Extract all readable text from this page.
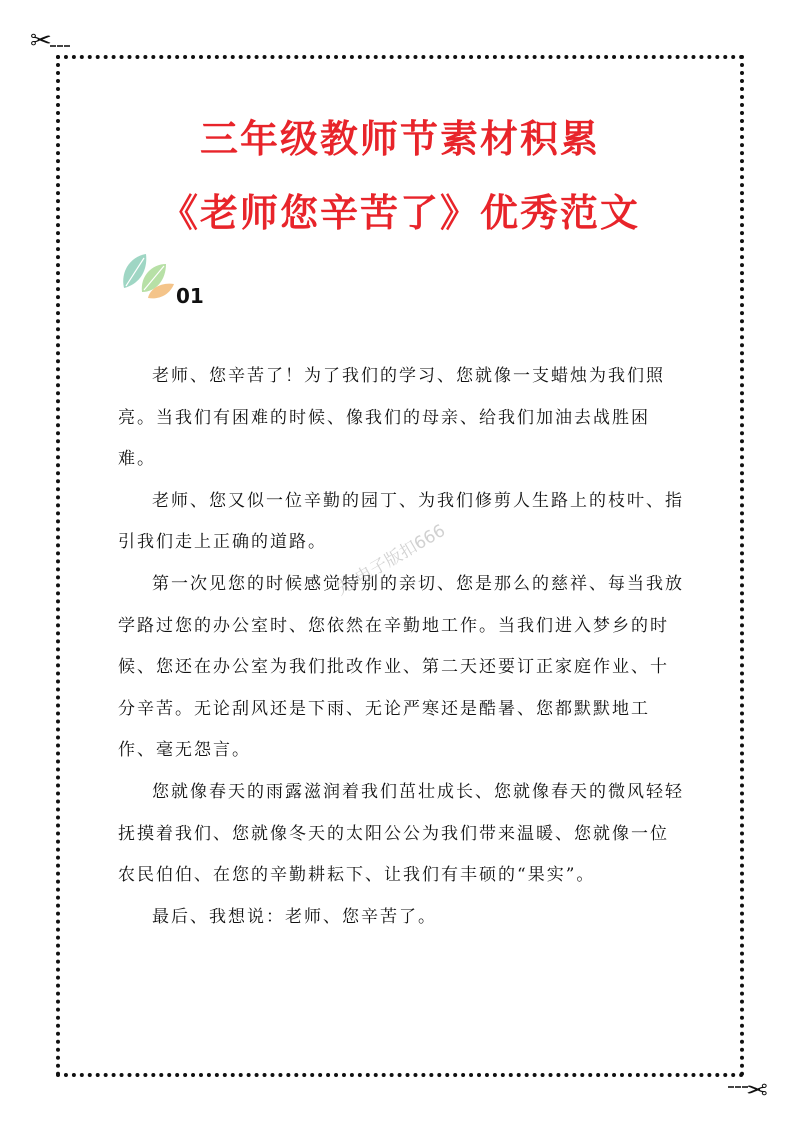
✂
✂
三年级教师节素材积累
《老师您辛苦了》优秀范文
01

老师、您辛苦了！为了我们的学习、您就像一支蜡烛为我们照亮。当我们有困难的时候、像我们的母亲、给我们加油去战胜困难。

老师、您又似一位辛勤的园丁、为我们修剪人生路上的枝叶、指引我们走上正确的道路。

第一次见您的时候感觉特别的亲切、您是那么的慈祥、每当我放学路过您的办公室时、您依然在辛勤地工作。当我们进入梦乡的时候、您还在办公室为我们批改作业、第二天还要订正家庭作业、十分辛苦。无论刮风还是下雨、无论严寒还是酷暑、您都默默地工作、毫无怨言。

您就像春天的雨露滋润着我们茁壮成长、您就像春天的微风轻轻抚摸着我们、您就像冬天的太阳公公为我们带来温暖、您就像一位农民伯伯、在您的辛勤耕耘下、让我们有丰硕的“果实”。

最后、我想说：老师、您辛苦了。

先 电子版扣666
